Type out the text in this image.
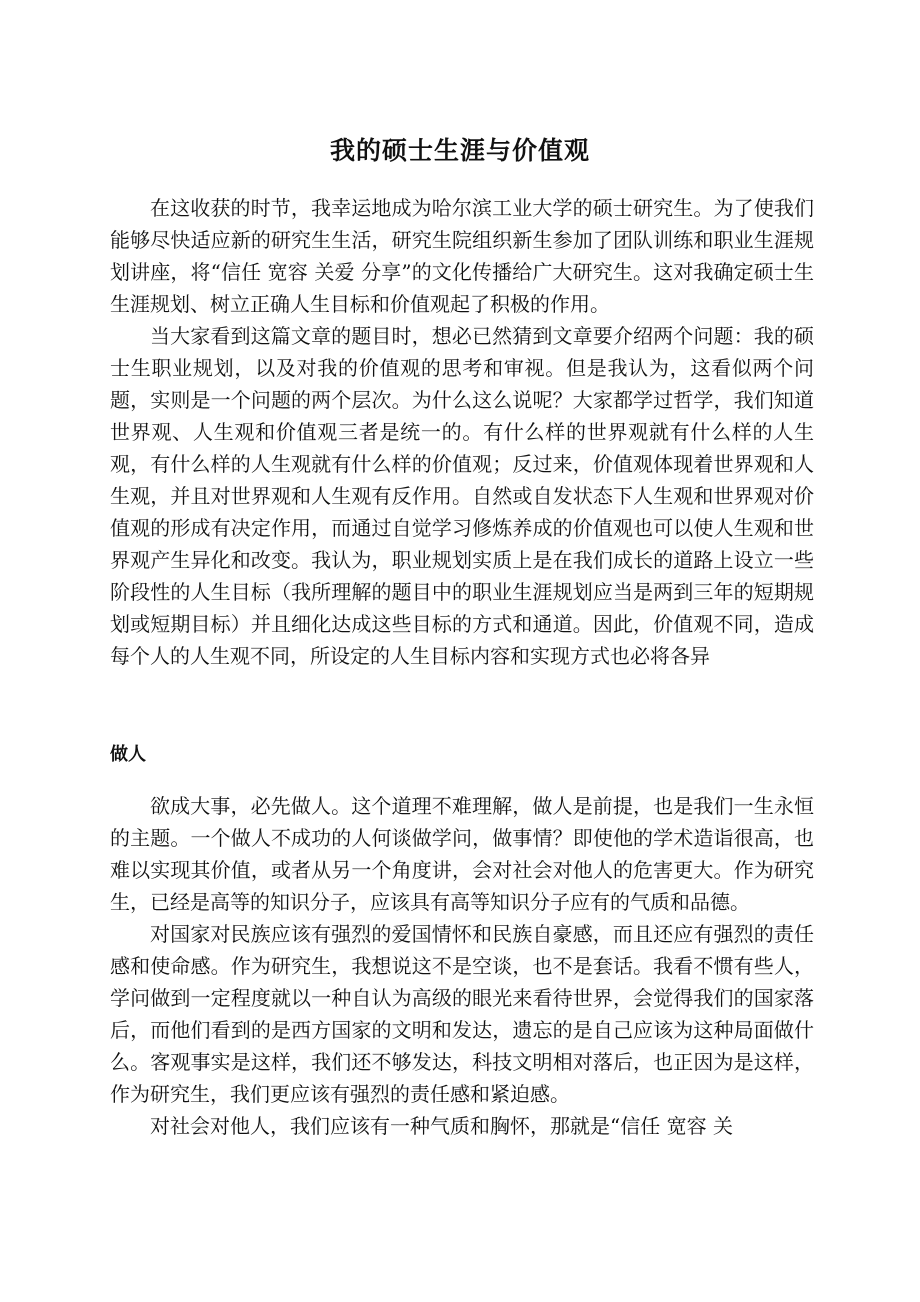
我的硕士生涯与价值观

在这收获的时节，我幸运地成为哈尔滨工业大学的硕士研究生。为了使我们能够尽快适应新的研究生生活，研究生院组织新生参加了团队训练和职业生涯规划讲座，将“信任 宽容 关爱 分享”的文化传播给广大研究生。这对我确定硕士生生涯规划、树立正确人生目标和价值观起了积极的作用。

当大家看到这篇文章的题目时，想必已然猜到文章要介绍两个问题：我的硕士生职业规划，以及对我的价值观的思考和审视。但是我认为，这看似两个问题，实则是一个问题的两个层次。为什么这么说呢？大家都学过哲学，我们知道世界观、人生观和价值观三者是统一的。有什么样的世界观就有什么样的人生观，有什么样的人生观就有什么样的价值观；反过来，价值观体现着世界观和人生观，并且对世界观和人生观有反作用。自然或自发状态下人生观和世界观对价值观的形成有决定作用，而通过自觉学习修炼养成的价值观也可以使人生观和世界观产生异化和改变。我认为，职业规划实质上是在我们成长的道路上设立一些阶段性的人生目标（我所理解的题目中的职业生涯规划应当是两到三年的短期规划或短期目标）并且细化达成这些目标的方式和通道。因此，价值观不同，造成每个人的人生观不同，所设定的人生目标内容和实现方式也必将各异

做人

欲成大事，必先做人。这个道理不难理解，做人是前提，也是我们一生永恒的主题。一个做人不成功的人何谈做学问，做事情？即使他的学术造诣很高，也难以实现其价值，或者从另一个角度讲，会对社会对他人的危害更大。作为研究生，已经是高等的知识分子，应该具有高等知识分子应有的气质和品德。

对国家对民族应该有强烈的爱国情怀和民族自豪感，而且还应有强烈的责任感和使命感。作为研究生，我想说这不是空谈，也不是套话。我看不惯有些人，学问做到一定程度就以一种自认为高级的眼光来看待世界，会觉得我们的国家落后，而他们看到的是西方国家的文明和发达，遗忘的是自己应该为这种局面做什么。客观事实是这样，我们还不够发达，科技文明相对落后，也正因为是这样，作为研究生，我们更应该有强烈的责任感和紧迫感。

对社会对他人，我们应该有一种气质和胸怀，那就是“信任 宽容 关
